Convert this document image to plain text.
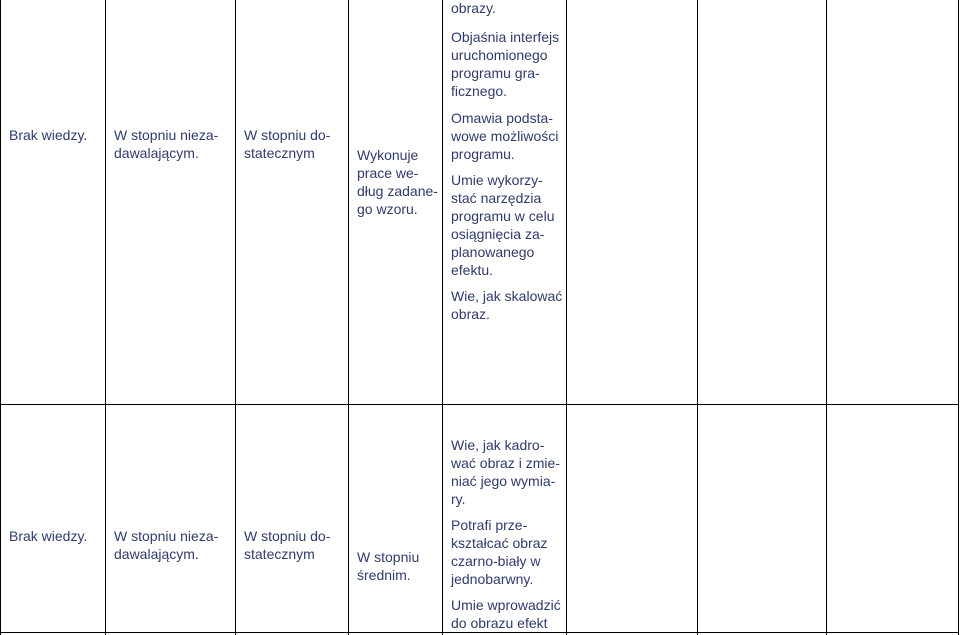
Brak wiedzy. W stopniu nieza-
dawalającym.
W stopniu do-
statecznym	Wykonuje
prace we-
dług zadane-
go wzoru.
obrazy.
Objaśnia interfejs
uruchomionego
programu gra-
ficznego.
Omawia podsta-
wowe możliwości
programu.
Umie wykorzy-
stać narzędzia
programu w celu
osiągnięcia za-
planowanego
efektu.
Wie, jak skalować
obraz.
Brak wiedzy. W stopniu nieza-
dawalającym.
W stopniu do-
statecznym	W stopniu
średnim.
Wie, jak kadro-
wać obraz i zmie-
niać jego wymia-
ry.
Potrafi prze-
kształcać obraz
czarno-biały w
jednobarwny.
Umie wprowadzić
do obrazu efekt
